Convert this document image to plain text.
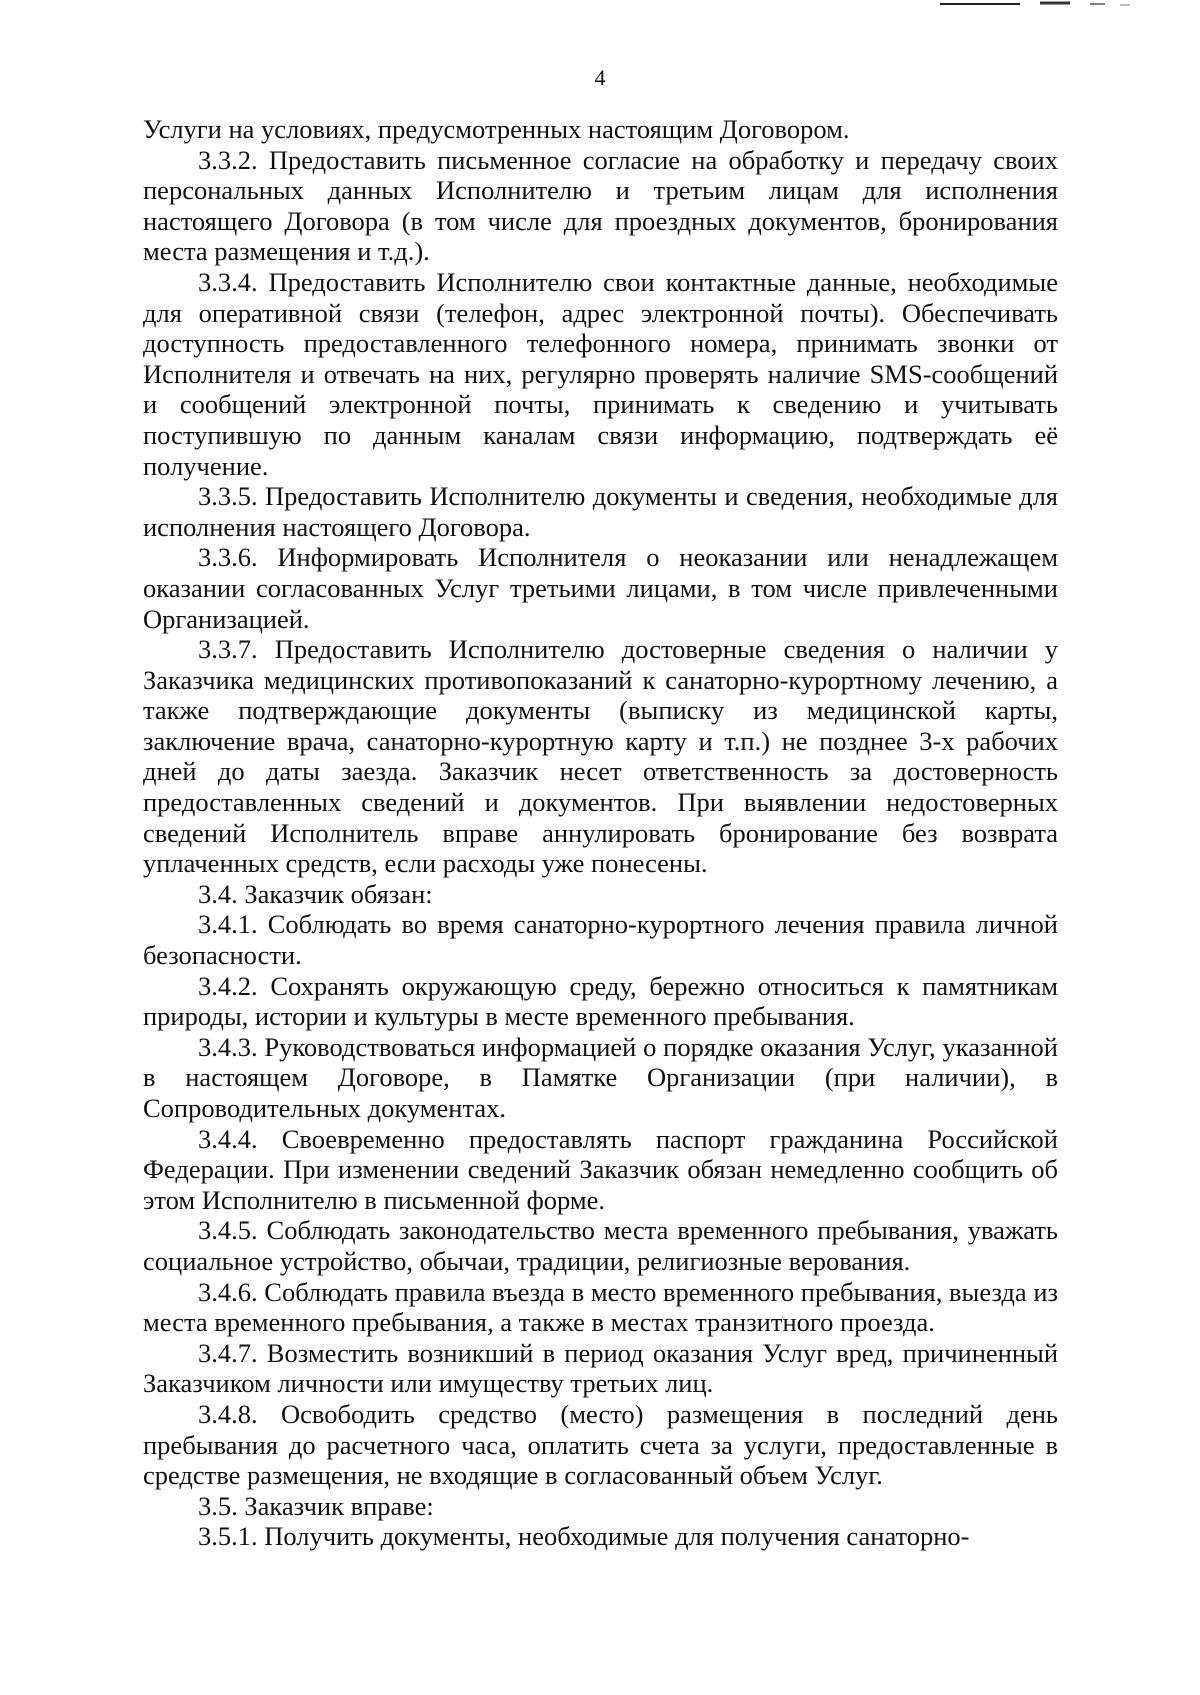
4

Услуги на условиях, предусмотренных настоящим Договором.

3.3.2. Предоставить письменное согласие на обработку и передачу своих персональных данных Исполнителю и третьим лицам для исполнения настоящего Договора (в том числе для проездных документов, бронирования места размещения и т.д.).

3.3.4. Предоставить Исполнителю свои контактные данные, необходимые для оперативной связи (телефон, адрес электронной почты). Обеспечивать доступность предоставленного телефонного номера, принимать звонки от Исполнителя и отвечать на них, регулярно проверять наличие SMS-сообщений и сообщений электронной почты, принимать к сведению и учитывать поступившую по данным каналам связи информацию, подтверждать её получение.

3.3.5. Предоставить Исполнителю документы и сведения, необходимые для исполнения настоящего Договора.

3.3.6. Информировать Исполнителя о неоказании или ненадлежащем оказании согласованных Услуг третьими лицами, в том числе привлеченными Организацией.

3.3.7. Предоставить Исполнителю достоверные сведения о наличии у Заказчика медицинских противопоказаний к санаторно-курортному лечению, а также подтверждающие документы (выписку из медицинской карты, заключение врача, санаторно-курортную карту и т.п.) не позднее 3-х рабочих дней до даты заезда. Заказчик несет ответственность за достоверность предоставленных сведений и документов. При выявлении недостоверных сведений Исполнитель вправе аннулировать бронирование без возврата уплаченных средств, если расходы уже понесены.

3.4. Заказчик обязан:

3.4.1. Соблюдать во время санаторно-курортного лечения правила личной безопасности.

3.4.2. Сохранять окружающую среду, бережно относиться к памятникам природы, истории и культуры в месте временного пребывания.

3.4.3. Руководствоваться информацией о порядке оказания Услуг, указанной в настоящем Договоре, в Памятке Организации (при наличии), в Сопроводительных документах.

3.4.4. Своевременно предоставлять паспорт гражданина Российской Федерации. При изменении сведений Заказчик обязан немедленно сообщить об этом Исполнителю в письменной форме.

3.4.5. Соблюдать законодательство места временного пребывания, уважать социальное устройство, обычаи, традиции, религиозные верования.

3.4.6. Соблюдать правила въезда в место временного пребывания, выезда из места временного пребывания, а также в местах транзитного проезда.

3.4.7. Возместить возникший в период оказания Услуг вред, причиненный Заказчиком личности или имуществу третьих лиц.

3.4.8. Освободить средство (место) размещения в последний день пребывания до расчетного часа, оплатить счета за услуги, предоставленные в средстве размещения, не входящие в согласованный объем Услуг.

3.5. Заказчик вправе:

3.5.1. Получить документы, необходимые для получения санаторно-
